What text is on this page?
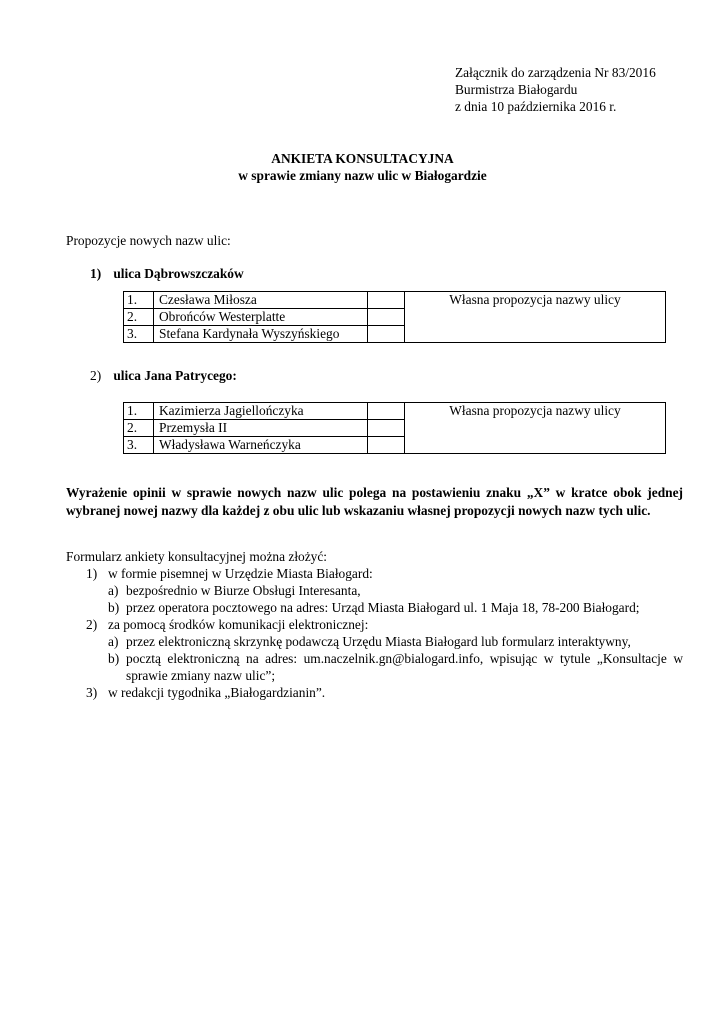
Załącznik do zarządzenia Nr 83/2016
Burmistrza Białogardu
z dnia 10 października 2016 r.
ANKIETA KONSULTACYJNA
w sprawie zmiany nazw ulic w Białogardzie
Propozycje nowych nazw ulic:
1) ulica Dąbrowszczaków
1.	Czesława Miłosza		Własna propozycja nazwy ulicy
2.	Obrońców Westerplatte		
3.	Stefana Kardynała Wyszyńskiego		
2) ulica Jana Patrycego:
1.	Kazimierza Jagiellończyka		Własna propozycja nazwy ulicy
2.	Przemysła II		
3.	Władysława Warneńczyka		
Wyrażenie opinii w sprawie nowych nazw ulic polega na postawieniu znaku „X” w kratce obok jednej wybranej nowej nazwy dla każdej z obu ulic lub wskazaniu własnej propozycji nowych nazw tych ulic.
Formularz ankiety konsultacyjnej można złożyć:
1) w formie pisemnej w Urzędzie Miasta Białogard:
a) bezpośrednio w Biurze Obsługi Interesanta,
b) przez operatora pocztowego na adres: Urząd Miasta Białogard ul. 1 Maja 18, 78-200 Białogard;
2) za pomocą środków komunikacji elektronicznej:
a) przez elektroniczną skrzynkę podawczą Urzędu Miasta Białogard lub formularz interaktywny,
b) pocztą elektroniczną na adres: um.naczelnik.gn@bialogard.info, wpisując w tytule „Konsultacje w sprawie zmiany nazw ulic”;
3) w redakcji tygodnika „Białogardzianin”.
